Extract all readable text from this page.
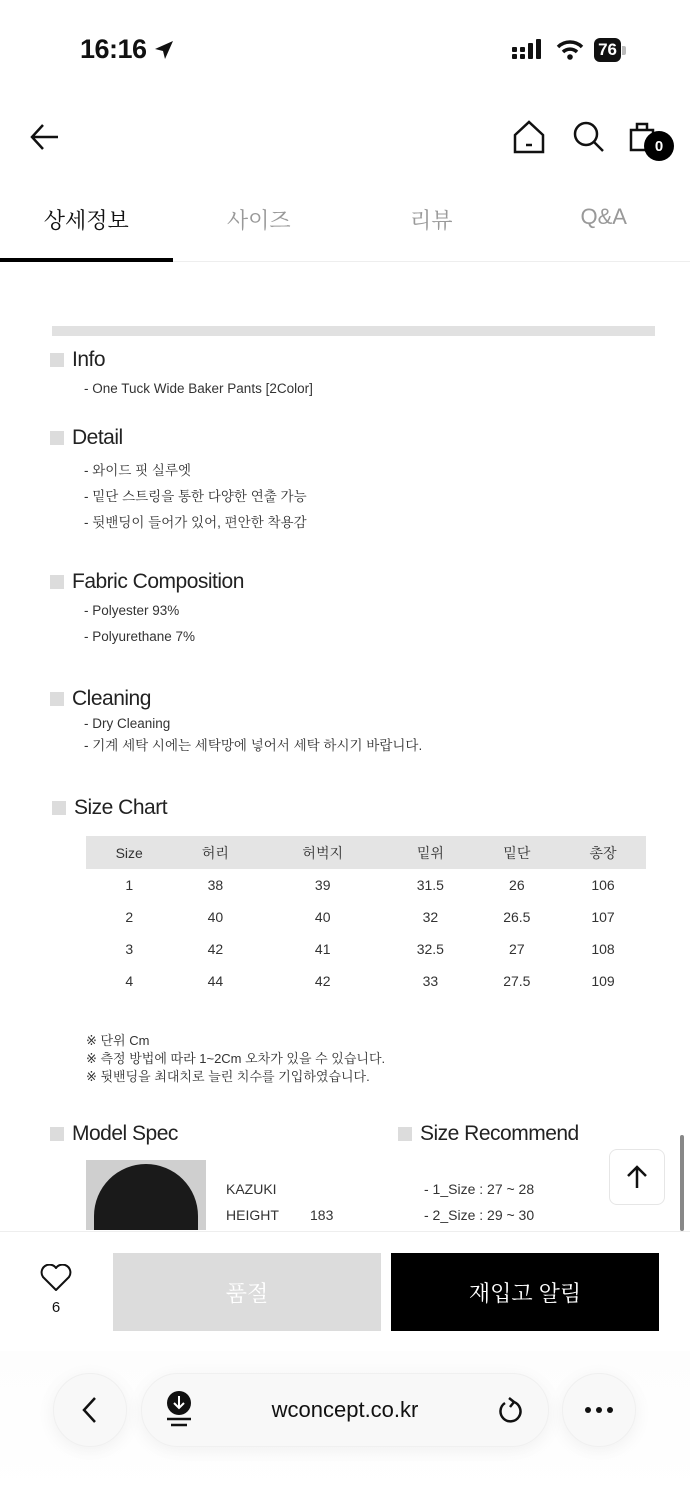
16:16	76
0
상세정보	사이즈	리뷰	Q&A
Info
- One Tuck Wide Baker Pants [2Color]
Detail
- 와이드 핏 실루엣
- 밑단 스트링을 통한 다양한 연출 가능
- 뒷밴딩이 들어가 있어, 편안한 착용감
Fabric Composition
- Polyester 93%
- Polyurethane 7%
Cleaning
- Dry Cleaning
- 기계 세탁 시에는 세탁망에 넣어서 세탁 하시기 바랍니다.
Size Chart
Size	허리	허벅지	밑위	밑단	총장
1	38	39	31.5	26	106
2	40	40	32	26.5	107
3	42	41	32.5	27	108
4	44	42	33	27.5	109
※ 단위 Cm
※ 측정 방법에 따라 1~2Cm 오차가 있을 수 있습니다.
※ 뒷밴딩을 최대치로 늘린 치수를 기입하였습니다.
Model Spec
KAZUKI
HEIGHT	183
Size Recommend
- 1_Size : 27 ~ 28
- 2_Size : 29 ~ 30
6
품절	재입고 알림
wconcept.co.kr
